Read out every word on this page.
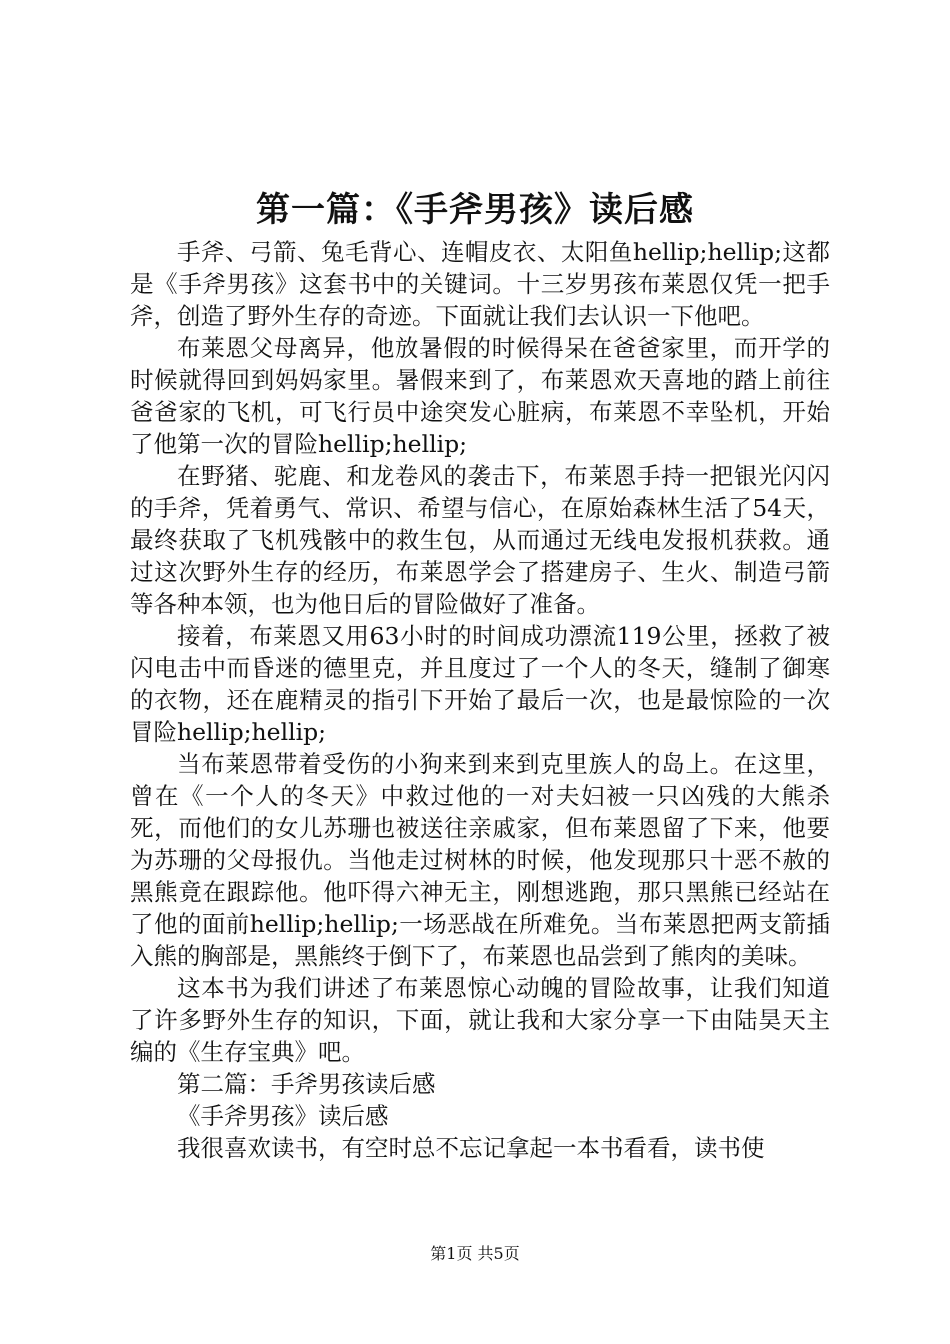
第一篇：《手斧男孩》读后感

手斧、弓箭、兔毛背心、连帽皮衣、太阳鱼hellip;hellip;这都是《手斧男孩》这套书中的关键词。十三岁男孩布莱恩仅凭一把手斧，创造了野外生存的奇迹。下面就让我们去认识一下他吧。

布莱恩父母离异，他放暑假的时候得呆在爸爸家里，而开学的时候就得回到妈妈家里。暑假来到了，布莱恩欢天喜地的踏上前往爸爸家的飞机，可飞行员中途突发心脏病，布莱恩不幸坠机，开始了他第一次的冒险hellip;hellip;

在野猪、驼鹿、和龙卷风的袭击下，布莱恩手持一把银光闪闪的手斧，凭着勇气、常识、希望与信心，在原始森林生活了54天，最终获取了飞机残骸中的救生包，从而通过无线电发报机获救。通过这次野外生存的经历，布莱恩学会了搭建房子、生火、制造弓箭等各种本领，也为他日后的冒险做好了准备。

接着，布莱恩又用63小时的时间成功漂流119公里，拯救了被闪电击中而昏迷的德里克，并且度过了一个人的冬天，缝制了御寒的衣物，还在鹿精灵的指引下开始了最后一次，也是最惊险的一次冒险hellip;hellip;

当布莱恩带着受伤的小狗来到来到克里族人的岛上。在这里，曾在《一个人的冬天》中救过他的一对夫妇被一只凶残的大熊杀死，而他们的女儿苏珊也被送往亲戚家，但布莱恩留了下来，他要为苏珊的父母报仇。当他走过树林的时候，他发现那只十恶不赦的黑熊竟在跟踪他。他吓得六神无主，刚想逃跑，那只黑熊已经站在了他的面前hellip;hellip;一场恶战在所难免。当布莱恩把两支箭插入熊的胸部是，黑熊终于倒下了，布莱恩也品尝到了熊肉的美味。

这本书为我们讲述了布莱恩惊心动魄的冒险故事，让我们知道了许多野外生存的知识，下面，就让我和大家分享一下由陆昊天主编的《生存宝典》吧。

第二篇：手斧男孩读后感

《手斧男孩》读后感

我很喜欢读书，有空时总不忘记拿起一本书看看，读书使

第1页 共5页
